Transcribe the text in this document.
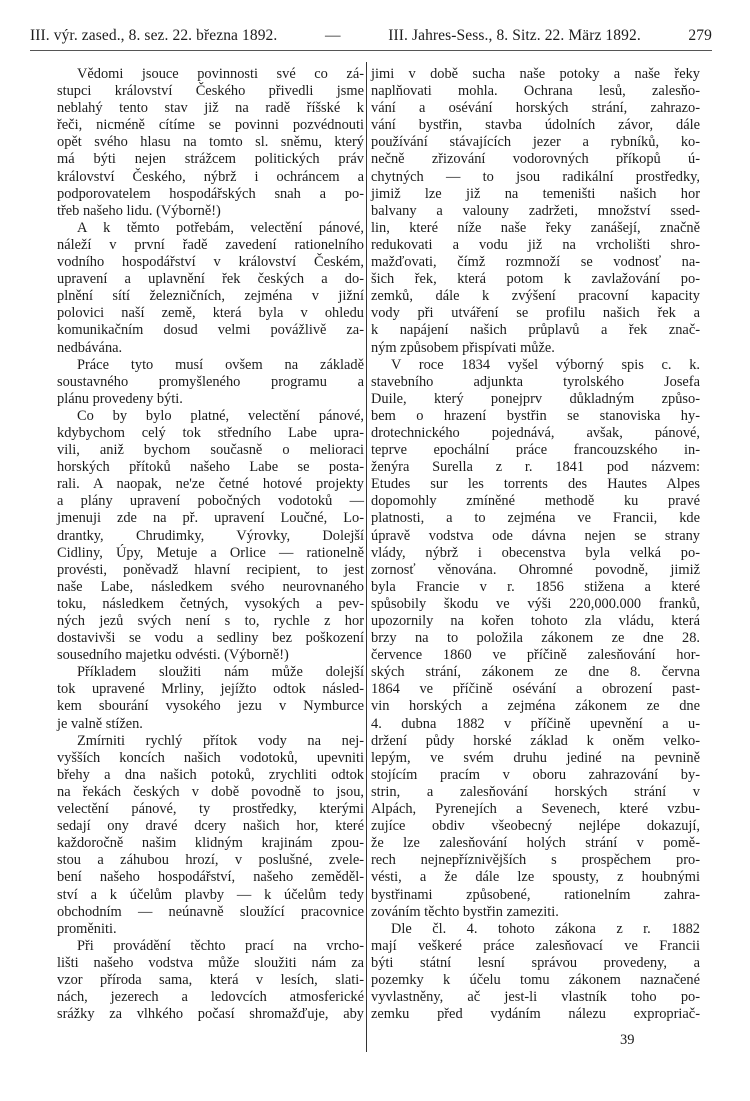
III. výr. zased., 8. sez. 22. března 1892.	—	III. Jahres-Sess., 8. Sitz. 22. März 1892.	279
Vědomi jsouce povinnosti své co zá-
stupci království Českého přivedli jsme
neblahý tento stav již na radě říšské k
řeči, nicméně cítíme se povinni pozvédnouti
opět svého hlasu na tomto sl. sněmu, který
má býti nejen strážcem politických práv
království Českého, nýbrž i ochráncem a
podporovatelem hospodářských snah a po-
třeb našeho lidu. (Výborně!)
A k těmto potřebám, velectění pánové,
náleží v první řadě zavedení rationelního
vodního hospodářství v království Českém,
upravení a uplavnění řek českých a do-
plnění sítí železničních, zejména v jižní
polovici naší země, která byla v ohledu
komunikačním dosud velmi povážlivě za-
nedbávána.
Práce tyto musí ovšem na základě
soustavného promyšleného programu a
plánu provedeny býti.
Co by bylo platné, velectění pánové,
kdybychom celý tok středního Labe upra-
vili, aniž bychom současně o melioraci
horských přítoků našeho Labe se posta-
rali. A naopak, ne'ze četné hotové projekty
a plány upravení pobočných vodotoků —
jmenuji zde na př. upravení Loučné, Lo-
drantky, Chrudimky, Výrovky, Dolejší
Cidliny, Úpy, Metuje a Orlice — rationelně
provésti, poněvadž hlavní recipient, to jest
naše Labe, následkem svého neurovnaného
toku, následkem četných, vysokých a pev-
ných jezů svých není s to, rychle z hor
dostavivši se vodu a sedliny bez poškození
sousedního majetku odvésti. (Výborně!)
Příkladem sloužiti nám může dolejší
tok upravené Mrliny, jejížto odtok násled-
kem sbourání vysokého jezu v Nymburce
je valně stížen.
Zmírniti rychlý přítok vody na nej-
vyšších koncích našich vodotoků, upevniti
břehy a dna našich potoků, zrychliti odtok
na řekách českých v době povodně to jsou,
velectění pánové, ty prostředky, kterými
sedají ony dravé dcery našich hor, které
každoročně našim klidným krajinám zpou-
stou a záhubou hrozí, v poslušné, zvele-
bení našeho hospodářství, našeho zeměděl-
ství a k účelům plavby — k účelům tedy
obchodním — neúnavně sloužící pracovnice
proměniti.
Při provádění těchto prací na vrcho-
lišti našeho vodstva může sloužiti nám za
vzor příroda sama, která v lesích, slati-
nách, jezerech a ledovcích atmosferické
srážky za vlhkého počasí shromažďuje, aby
jimi v době sucha naše potoky a naše řeky
naplňovati mohla. Ochrana lesů, zalesňo-
vání a osévání horských strání, zahrazo-
vání bystřin, stavba údolních závor, dále
používání stávajících jezer a rybníků, ko-
nečně zřizování vodorovných příkopů ú-
chytných — to jsou radikální prostředky,
jimiž lze již na temeništi našich hor
balvany a valouny zadržeti, množství ssed-
lin, které níže naše řeky zanášejí, značně
redukovati a vodu již na vrcholišti shro-
mažďovati, čímž rozmnoží se vodnosť na-
šich řek, která potom k zavlažování po-
zemků, dále k zvýšení pracovní kapacity
vody při utváření se profilu našich řek a
k napájení našich průplavů a řek znač-
ným způsobem přispívati může.
V roce 1834 vyšel výborný spis c. k.
stavebního adjunkta tyrolského Josefa
Duile, který ponejprv důkladným způso-
bem o hrazení bystřin se stanoviska hy-
drotechnického pojednává, avšak, pánové,
teprve epochální práce francouzského in-
ženýra Surella z r. 1841 pod názvem:
Etudes sur les torrents des Hautes Alpes
dopomohly zmíněné methodě ku pravé
platnosti, a to zejména ve Francii, kde
úpravě vodstva ode dávna nejen se strany
vlády, nýbrž i obecenstva byla velká po-
zornosť věnována. Ohromné povodně, jimiž
byla Francie v r. 1856 stižena a které
spůsobily škodu ve výši 220,000.000 franků,
upozornily na kořen tohoto zla vládu, která
brzy na to položila zákonem ze dne 28.
července 1860 ve příčině zalesňování hor-
ských strání, zákonem ze dne 8. června
1864 ve příčině osévání a obrození past-
vin horských a zejména zákonem ze dne
4. dubna 1882 v příčině upevnění a u-
držení půdy horské základ k oněm velko-
lepým, ve svém druhu jediné na pevnině
stojícím pracím v oboru zahrazování by-
strin, a zalesňování horských strání v
Alpách, Pyrenejích a Sevenech, které vzbu-
zujíce obdiv všeobecný nejlépe dokazují,
že lze zalesňování holých strání v pomě-
rech nejnepříznivějších s prospěchem pro-
vésti, a že dále lze spousty, z houbnými
bystřinami způsobené, rationelním zahra-
zováním těchto bystřin zameziti.
Dle čl. 4. tohoto zákona z r. 1882
mají veškeré práce zalesňovací ve Francii
býti státní lesní správou provedeny, a
pozemky k účelu tomu zákonem naznačené
vyvlastněny, ač jest-li vlastník toho po-
zemku před vydáním nálezu expropriač-
39
